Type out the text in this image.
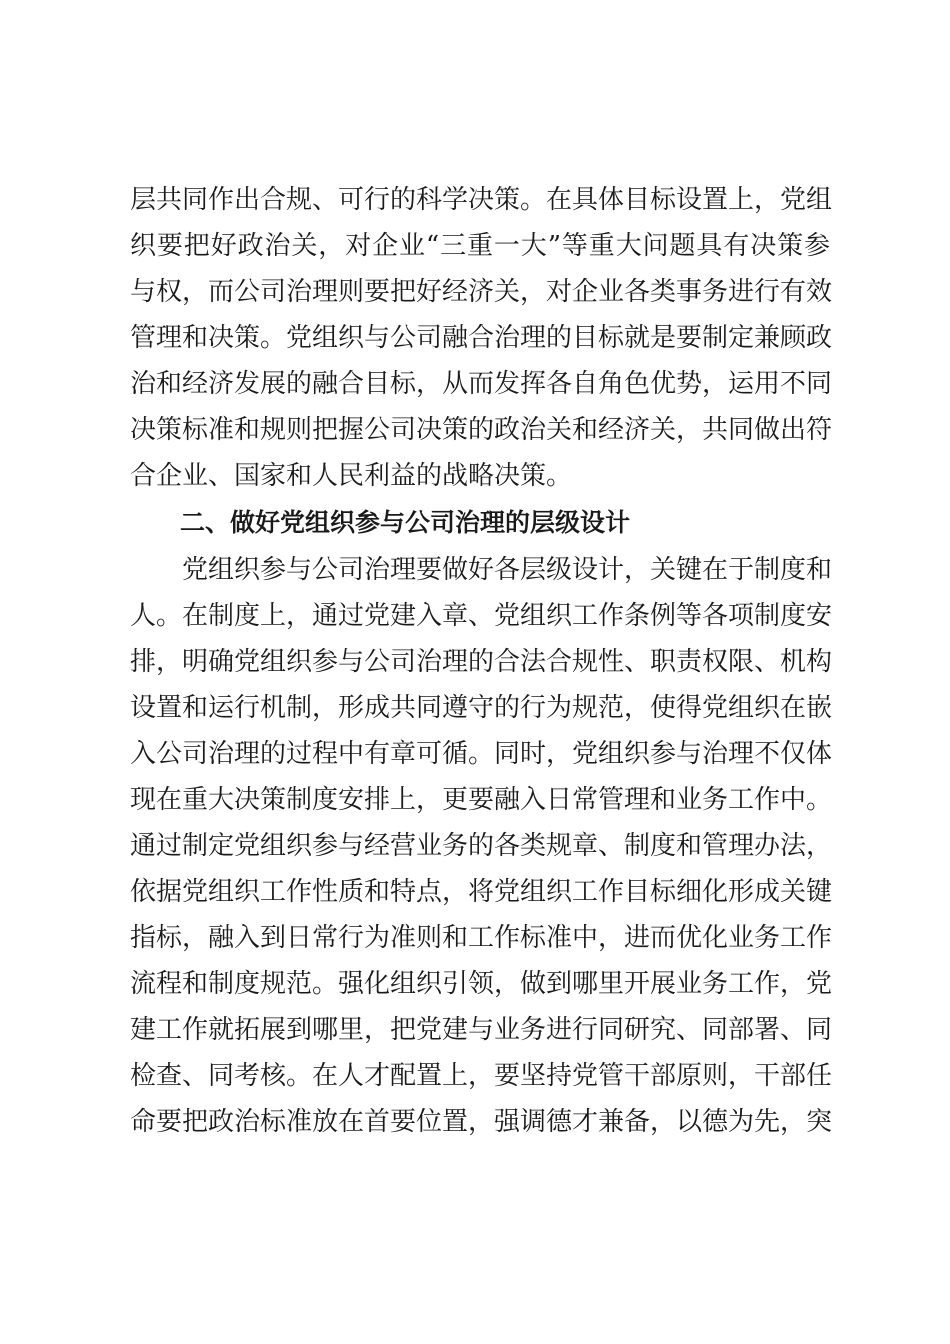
层共同作出合规、可行的科学决策。在具体目标设置上，党组
织要把好政治关，对企业“三重一大”等重大问题具有决策参
与权，而公司治理则要把好经济关，对企业各类事务进行有效
管理和决策。党组织与公司融合治理的目标就是要制定兼顾政
治和经济发展的融合目标，从而发挥各自角色优势，运用不同
决策标准和规则把握公司决策的政治关和经济关，共同做出符
合企业、国家和人民利益的战略决策。
二、做好党组织参与公司治理的层级设计
党组织参与公司治理要做好各层级设计，关键在于制度和
人。在制度上，通过党建入章、党组织工作条例等各项制度安
排，明确党组织参与公司治理的合法合规性、职责权限、机构
设置和运行机制，形成共同遵守的行为规范，使得党组织在嵌
入公司治理的过程中有章可循。同时，党组织参与治理不仅体
现在重大决策制度安排上，更要融入日常管理和业务工作中。
通过制定党组织参与经营业务的各类规章、制度和管理办法，
依据党组织工作性质和特点，将党组织工作目标细化形成关键
指标，融入到日常行为准则和工作标准中，进而优化业务工作
流程和制度规范。强化组织引领，做到哪里开展业务工作，党
建工作就拓展到哪里，把党建与业务进行同研究、同部署、同
检查、同考核。在人才配置上，要坚持党管干部原则，干部任
命要把政治标准放在首要位置，强调德才兼备，以德为先，突
